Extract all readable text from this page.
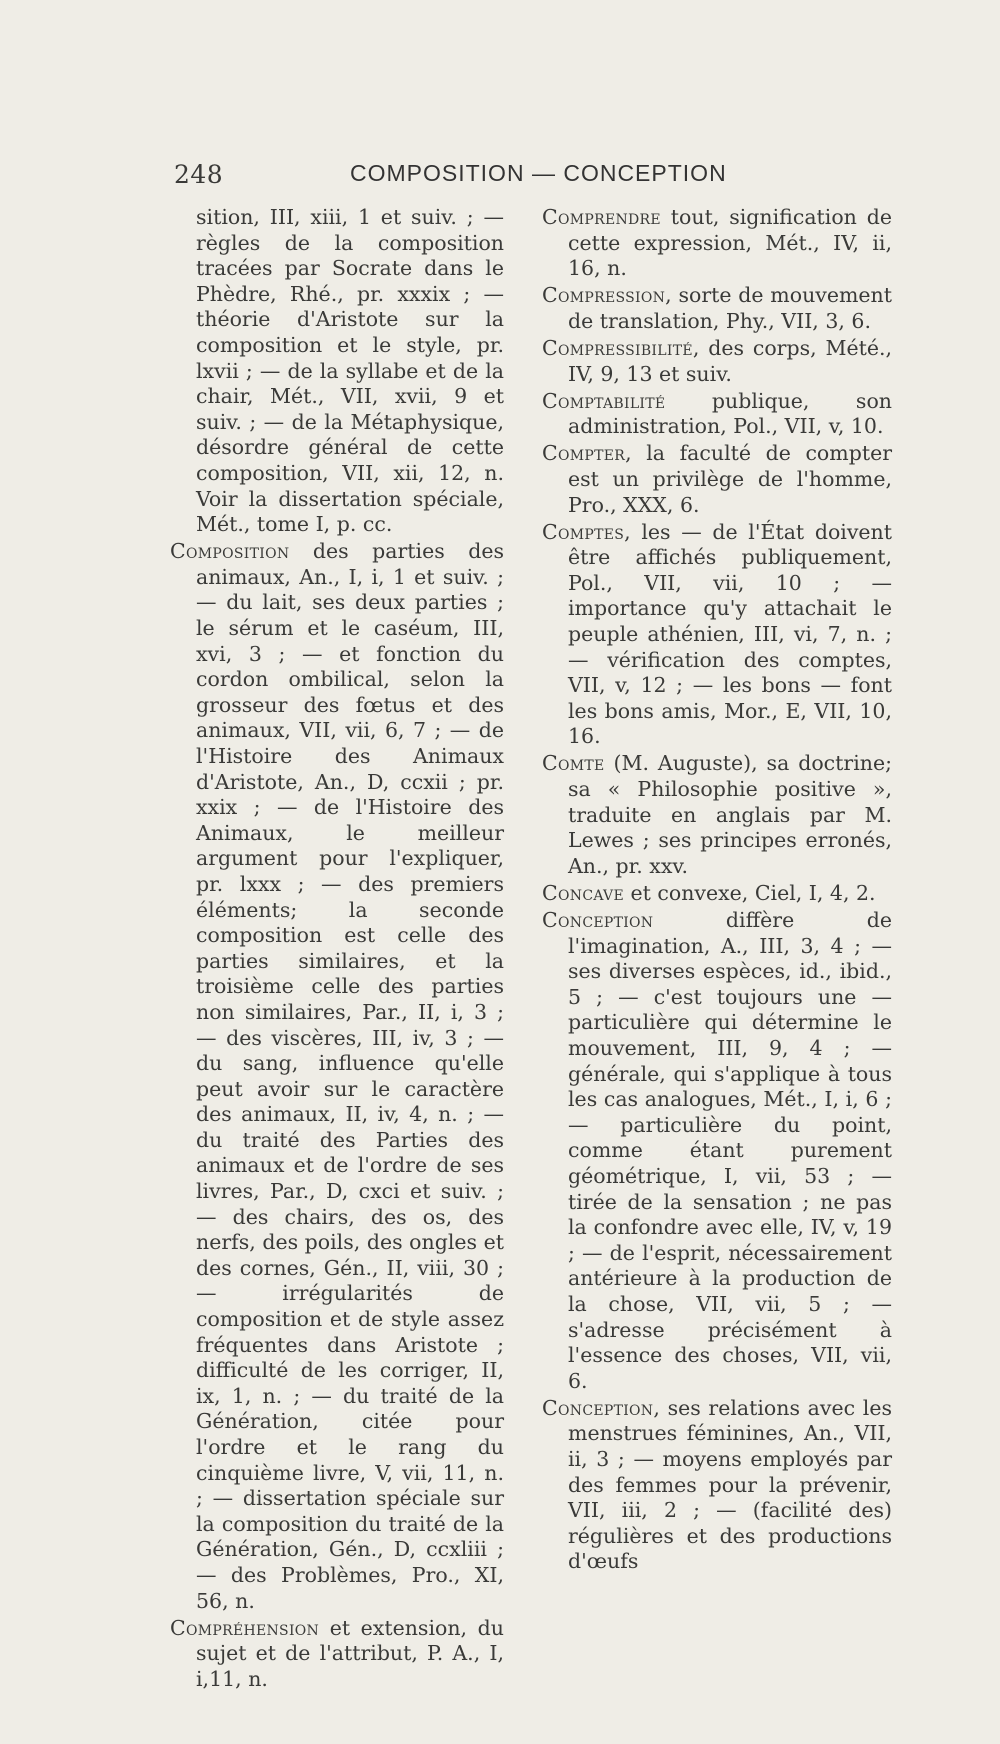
248	COMPOSITION — CONCEPTION

sition, III, xiii, 1 et suiv. ; — règles de la composition tracées par Socrate dans le Phèdre, Rhé., pr. xxxix ; — théorie d'Aristote sur la composition et le style, pr. lxvii ; — de la syllabe et de la chair, Mét., VII, xvii, 9 et suiv. ; — de la Métaphysique, désordre général de cette composition, VII, xii, 12, n. Voir la dissertation spéciale, Mét., tome I, p. cc.

Composition des parties des animaux, An., I, i, 1 et suiv. ; — du lait, ses deux parties ; le sérum et le caséum, III, xvi, 3 ; — et fonction du cordon ombilical, selon la grosseur des fœtus et des animaux, VII, vii, 6, 7 ; — de l'Histoire des Animaux d'Aristote, An., D, ccxii ; pr. xxix ; — de l'Histoire des Animaux, le meilleur argument pour l'expliquer, pr. lxxx ; — des premiers éléments; la seconde composition est celle des parties similaires, et la troisième celle des parties non similaires, Par., II, i, 3 ; — des viscères, III, iv, 3 ; — du sang, influence qu'elle peut avoir sur le caractère des animaux, II, iv, 4, n. ; — du traité des Parties des animaux et de l'ordre de ses livres, Par., D, cxci et suiv. ; — des chairs, des os, des nerfs, des poils, des ongles et des cornes, Gén., II, viii, 30 ; — irrégularités de composition et de style assez fréquentes dans Aristote ; difficulté de les corriger, II, ix, 1, n. ; — du traité de la Génération, citée pour l'ordre et le rang du cinquième livre, V, vii, 11, n. ; — dissertation spéciale sur la composition du traité de la Génération, Gén., D, ccxliii ; — des Problèmes, Pro., XI, 56, n.

Compréhension et extension, du sujet et de l'attribut, P. A., I, i,11, n.

Comprendre tout, signification de cette expression, Mét., IV, ii, 16, n.

Compression, sorte de mouvement de translation, Phy., VII, 3, 6.

Compressibilité, des corps, Mété., IV, 9, 13 et suiv.

Comptabilité publique, son administration, Pol., VII, v, 10.

Compter, la faculté de compter est un privilège de l'homme, Pro., XXX, 6.

Comptes, les — de l'État doivent être affichés publiquement, Pol., VII, vii, 10 ; — importance qu'y attachait le peuple athénien, III, vi, 7, n. ; — vérification des comptes, VII, v, 12 ; — les bons — font les bons amis, Mor., E, VII, 10, 16.

Comte (M. Auguste), sa doctrine; sa « Philosophie positive », traduite en anglais par M. Lewes ; ses principes erronés, An., pr. xxv.

Concave et convexe, Ciel, I, 4, 2.

Conception diffère de l'imagination, A., III, 3, 4 ; — ses diverses espèces, id., ibid., 5 ; — c'est toujours une — particulière qui détermine le mouvement, III, 9, 4 ; — générale, qui s'applique à tous les cas analogues, Mét., I, i, 6 ; — particulière du point, comme étant purement géométrique, I, vii, 53 ; — tirée de la sensation ; ne pas la confondre avec elle, IV, v, 19 ; — de l'esprit, nécessairement antérieure à la production de la chose, VII, vii, 5 ; — s'adresse précisément à l'essence des choses, VII, vii, 6.

Conception, ses relations avec les menstrues féminines, An., VII, ii, 3 ; — moyens employés par des femmes pour la prévenir, VII, iii, 2 ; — (facilité des) régulières et des productions d'œufs
